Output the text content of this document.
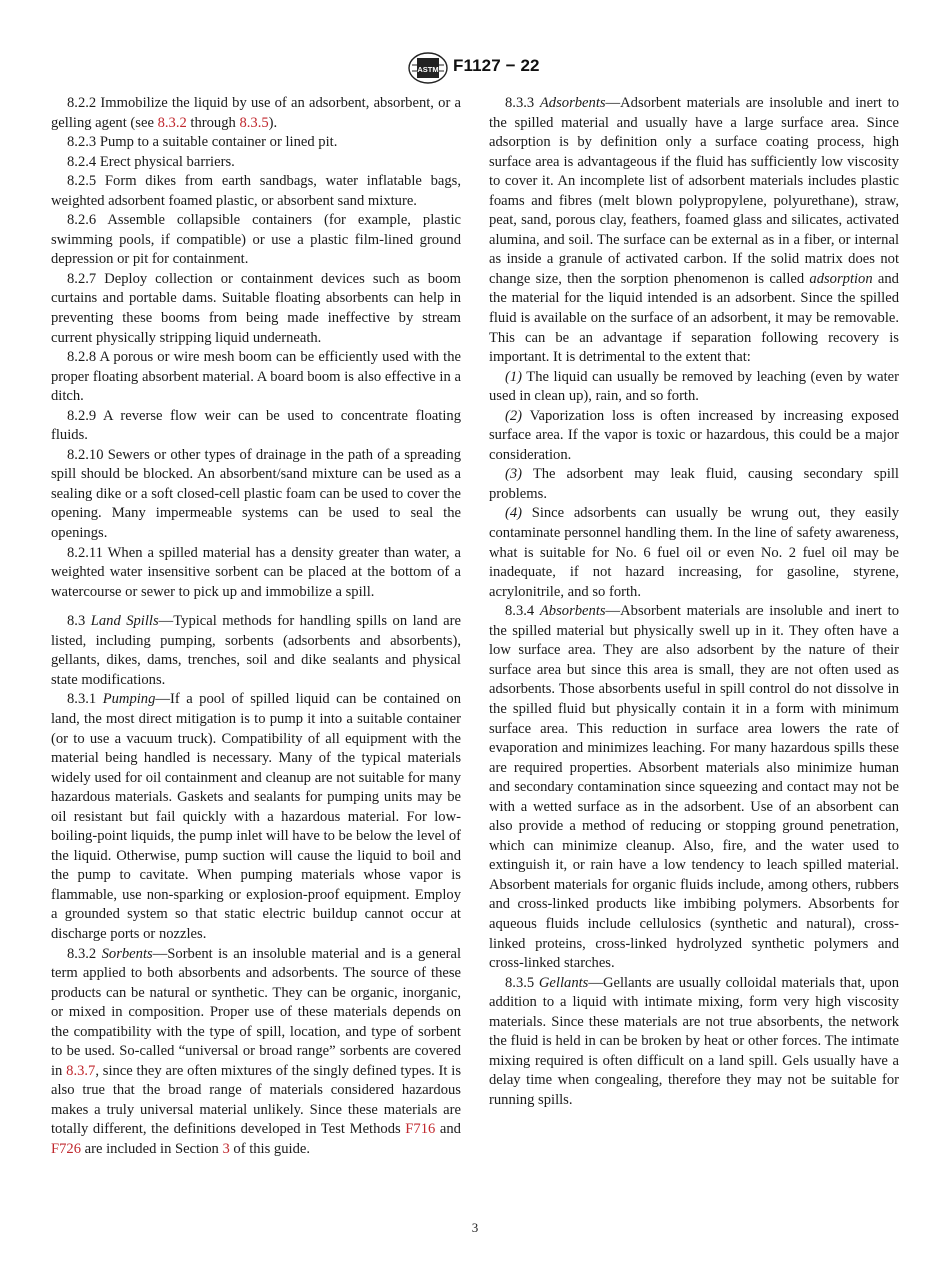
ASTM F1127 − 22

8.2.2 Immobilize the liquid by use of an adsorbent, absorbent, or a gelling agent (see 8.3.2 through 8.3.5).

8.2.3 Pump to a suitable container or lined pit.

8.2.4 Erect physical barriers.

8.2.5 Form dikes from earth sandbags, water inflatable bags, weighted adsorbent foamed plastic, or absorbent sand mixture.

8.2.6 Assemble collapsible containers (for example, plastic swimming pools, if compatible) or use a plastic film-lined ground depression or pit for containment.

8.2.7 Deploy collection or containment devices such as boom curtains and portable dams. Suitable floating absorbents can help in preventing these booms from being made ineffective by stream current physically stripping liquid underneath.

8.2.8 A porous or wire mesh boom can be efficiently used with the proper floating absorbent material. A board boom is also effective in a ditch.

8.2.9 A reverse flow weir can be used to concentrate floating fluids.

8.2.10 Sewers or other types of drainage in the path of a spreading spill should be blocked. An absorbent/sand mixture can be used as a sealing dike or a soft closed-cell plastic foam can be used to cover the opening. Many impermeable systems can be used to seal the openings.

8.2.11 When a spilled material has a density greater than water, a weighted water insensitive sorbent can be placed at the bottom of a watercourse or sewer to pick up and immobilize a spill.

8.3 Land Spills—Typical methods for handling spills on land are listed, including pumping, sorbents (adsorbents and absorbents), gellants, dikes, dams, trenches, soil and dike sealants and physical state modifications.

8.3.1 Pumping—If a pool of spilled liquid can be contained on land, the most direct mitigation is to pump it into a suitable container (or to use a vacuum truck). Compatibility of all equipment with the material being handled is necessary. Many of the typical materials widely used for oil containment and cleanup are not suitable for many hazardous materials. Gaskets and sealants for pumping units may be oil resistant but fail quickly with a hazardous material. For low-boiling-point liquids, the pump inlet will have to be below the level of the liquid. Otherwise, pump suction will cause the liquid to boil and the pump to cavitate. When pumping materials whose vapor is flammable, use non-sparking or explosion-proof equipment. Employ a grounded system so that static electric buildup cannot occur at discharge ports or nozzles.

8.3.2 Sorbents—Sorbent is an insoluble material and is a general term applied to both absorbents and adsorbents. The source of these products can be natural or synthetic. They can be organic, inorganic, or mixed in composition. Proper use of these materials depends on the compatibility with the type of spill, location, and type of sorbent to be used. So-called “universal or broad range” sorbents are covered in 8.3.7, since they are often mixtures of the singly defined types. It is also true that the broad range of materials considered hazardous makes a truly universal material unlikely. Since these materials are totally different, the definitions developed in Test Methods F716 and F726 are included in Section 3 of this guide.

8.3.3 Adsorbents—Adsorbent materials are insoluble and inert to the spilled material and usually have a large surface area. Since adsorption is by definition only a surface coating process, high surface area is advantageous if the fluid has sufficiently low viscosity to cover it. An incomplete list of adsorbent materials includes plastic foams and fibres (melt blown polypropylene, polyurethane), straw, peat, sand, porous clay, feathers, foamed glass and silicates, activated alumina, and soil. The surface can be external as in a fiber, or internal as inside a granule of activated carbon. If the solid matrix does not change size, then the sorption phenomenon is called adsorption and the material for the liquid intended is an adsorbent. Since the spilled fluid is available on the surface of an adsorbent, it may be removable. This can be an advantage if separation following recovery is important. It is detrimental to the extent that:

(1) The liquid can usually be removed by leaching (even by water used in clean up), rain, and so forth.

(2) Vaporization loss is often increased by increasing exposed surface area. If the vapor is toxic or hazardous, this could be a major consideration.

(3) The adsorbent may leak fluid, causing secondary spill problems.

(4) Since adsorbents can usually be wrung out, they easily contaminate personnel handling them. In the line of safety awareness, what is suitable for No. 6 fuel oil or even No. 2 fuel oil may be inadequate, if not hazard increasing, for gasoline, styrene, acrylonitrile, and so forth.

8.3.4 Absorbents—Absorbent materials are insoluble and inert to the spilled material but physically swell up in it. They often have a low surface area. They are also adsorbent by the nature of their surface area but since this area is small, they are not often used as adsorbents. Those absorbents useful in spill control do not dissolve in the spilled fluid but physically contain it in a form with minimum surface area. This reduction in surface area lowers the rate of evaporation and minimizes leaching. For many hazardous spills these are required properties. Absorbent materials also minimize human and secondary contamination since squeezing and contact may not be with a wetted surface as in the adsorbent. Use of an absorbent can also provide a method of reducing or stopping ground penetration, which can minimize cleanup. Also, fire, and the water used to extinguish it, or rain have a low tendency to leach spilled material. Absorbent materials for organic fluids include, among others, rubbers and cross-linked products like imbibing polymers. Absorbents for aqueous fluids include cellulosics (synthetic and natural), cross-linked proteins, cross-linked hydrolyzed synthetic polymers and cross-linked starches.

8.3.5 Gellants—Gellants are usually colloidal materials that, upon addition to a liquid with intimate mixing, form very high viscosity materials. Since these materials are not true absorbents, the network the fluid is held in can be broken by heat or other forces. The intimate mixing required is often difficult on a land spill. Gels usually have a delay time when congealing, therefore they may not be suitable for running spills.

3
